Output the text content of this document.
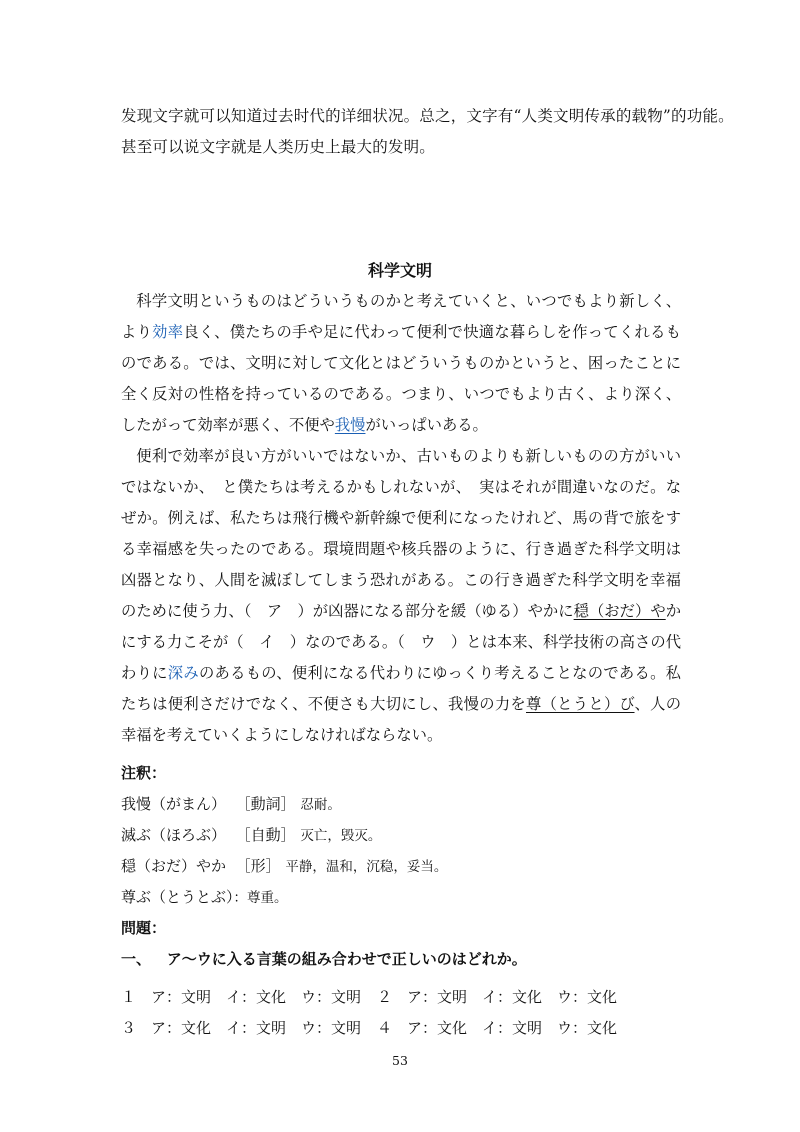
发现文字就可以知道过去时代的详细状况。总之，文字有“人类文明传承的载物”的功能。
甚至可以说文字就是人类历史上最大的发明。
科学文明

科学文明というものはどういうものかと考えていくと、いつでもより新しく、より効率良く、僕たちの手や足に代わって便利で快適な暮らしを作ってくれるものである。では、文明に対して文化とはどういうものかというと、困ったことに全く反対の性格を持っているのである。つまり、いつでもより古く、より深く、したがって効率が悪く、不便や我慢がいっぱいある。

便利で効率が良い方がいいではないか、古いものよりも新しいものの方がいいではないか、　と僕たちは考えるかもしれないが、　実はそれが間違いなのだ。なぜか。例えば、私たちは飛行機や新幹線で便利になったけれど、馬の背で旅をする幸福感を失ったのである。環境問題や核兵器のように、行き過ぎた科学文明は凶器となり、人間を滅ぼしてしまう恐れがある。この行き過ぎた科学文明を幸福のために使う力、（　ア　）が凶器になる部分を緩（ゆる）やかに穏（おだ）やかにする力こそが（　イ　）なのである。（　ウ　）とは本来、科学技術の高さの代わりに深みのあるもの、便利になる代わりにゆっくり考えることなのである。私たちは便利さだけでなく、不便さも大切にし、我慢の力を尊（とうと）び、人の幸福を考えていくようにしなければならない。

注釈：
我慢（がまん） ［動詞］ 忍耐。
滅ぶ（ほろぶ） ［自動］ 灭亡，毁灭。
穏（おだ）やか ［形］ 平静，温和，沉稳，妥当。
尊ぶ（とうとぶ）：尊重。
問題：
一、 ア～ウに入る言葉の組み合わせで正しいのはどれか。
１　ア：文明　イ：文化　ウ：文明 ２　ア：文明　イ：文化　ウ：文化
３　ア：文化　イ：文明　ウ：文明 ４　ア：文化　イ：文明　ウ：文化
53
